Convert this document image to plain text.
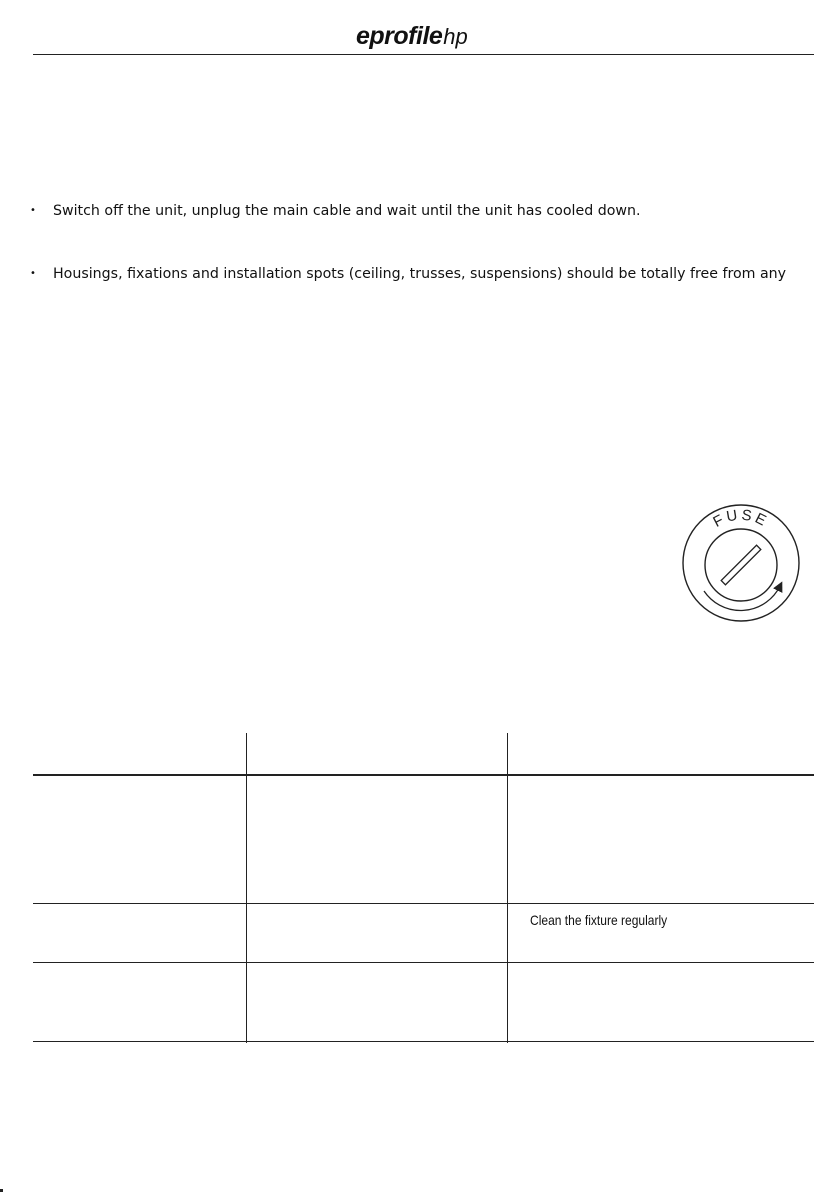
eprofilehp
• Switch off the unit, unplug the main cable and wait until the unit has cooled down.
• Housings, fixations and installation spots (ceiling, trusses, suspensions) should be totally free from any
FUSE
Clean the fixture regularly
